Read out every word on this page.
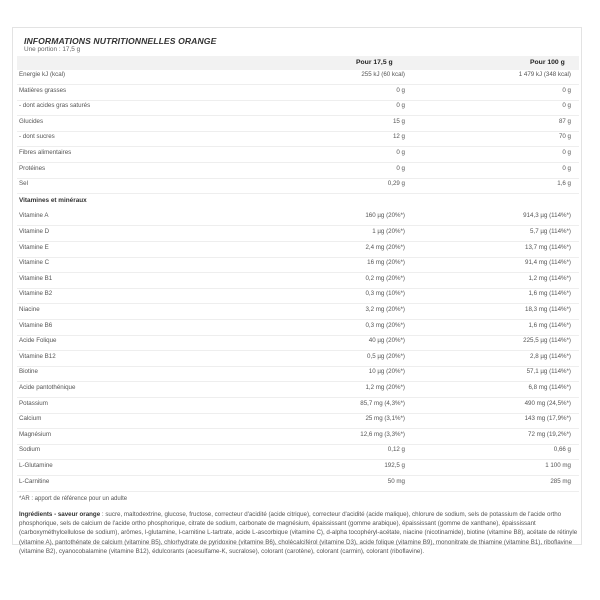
INFORMATIONS NUTRITIONNELLES ORANGE
Une portion : 17,5 g
Pour 17,5 g	Pour 100 g
Energie kJ (kcal)	255 kJ (60 kcal)	1 479 kJ (348 kcal)
Matières grasses	0 g	0 g
- dont acides gras saturés	0 g	0 g
Glucides	15 g	87 g
- dont sucres	12 g	70 g
Fibres alimentaires	0 g	0 g
Protéines	0 g	0 g
Sel	0,29 g	1,6 g
Vitamines et minéraux
Vitamine A	160 µg (20%*)	914,3 µg (114%*)
Vitamine D	1 µg (20%*)	5,7 µg (114%*)
Vitamine E	2,4 mg (20%*)	13,7 mg (114%*)
Vitamine C	16 mg (20%*)	91,4 mg (114%*)
Vitamine B1	0,2 mg (20%*)	1,2 mg (114%*)
Vitamine B2	0,3 mg (10%*)	1,6 mg (114%*)
Niacine	3,2 mg (20%*)	18,3 mg (114%*)
Vitamine B6	0,3 mg (20%*)	1,6 mg (114%*)
Acide Folique	40 µg (20%*)	225,5 µg (114%*)
Vitamine B12	0,5 µg (20%*)	2,8 µg (114%*)
Biotine	10 µg (20%*)	57,1 µg (114%*)
Acide pantothénique	1,2 mg (20%*)	6,8 mg (114%*)
Potassium	85,7 mg (4,3%*)	490 mg (24,5%*)
Calcium	25 mg (3,1%*)	143 mg (17,9%*)
Magnésium	12,6 mg (3,3%*)	72 mg (19,2%*)
Sodium	0,12 g	0,66 g
L-Glutamine	192,5 g	1 100 mg
L-Carnitine	50 mg	285 mg
*AR : apport de référence pour un adulte
Ingrédients - saveur orange : sucre, maltodextrine, glucose, fructose, correcteur d'acidité (acide citrique), correcteur d'acidité (acide malique), chlorure de sodium, sels de potassium de l'acide ortho phosphorique, sels de calcium de l'acide ortho phosphorique, citrate de sodium, carbonate de magnésium, épaississant (gomme arabique), épaississant (gomme de xanthane), épaississant (carboxyméthylcellulose de sodium), arômes, l-glutamine, l-carnitine L-tartrate, acide L-ascorbique (vitamine C), d-alpha tocophéryl-acétate, niacine (nicotinamide), biotine (vitamine B8), acétate de rétinyle (vitamine A), pantothénate de calcium (vitamine B5), chlorhydrate de pyridoxine (vitamine B6), cholécalciférol (vitamine D3), acide folique (vitamine B9), mononitrate de thiamine (vitamine B1), riboflavine (vitamine B2), cyanocobalamine (vitamine B12), édulcorants (acesulfame-K, sucralose), colorant (carotène), colorant (carmin), colorant (riboflavine).
